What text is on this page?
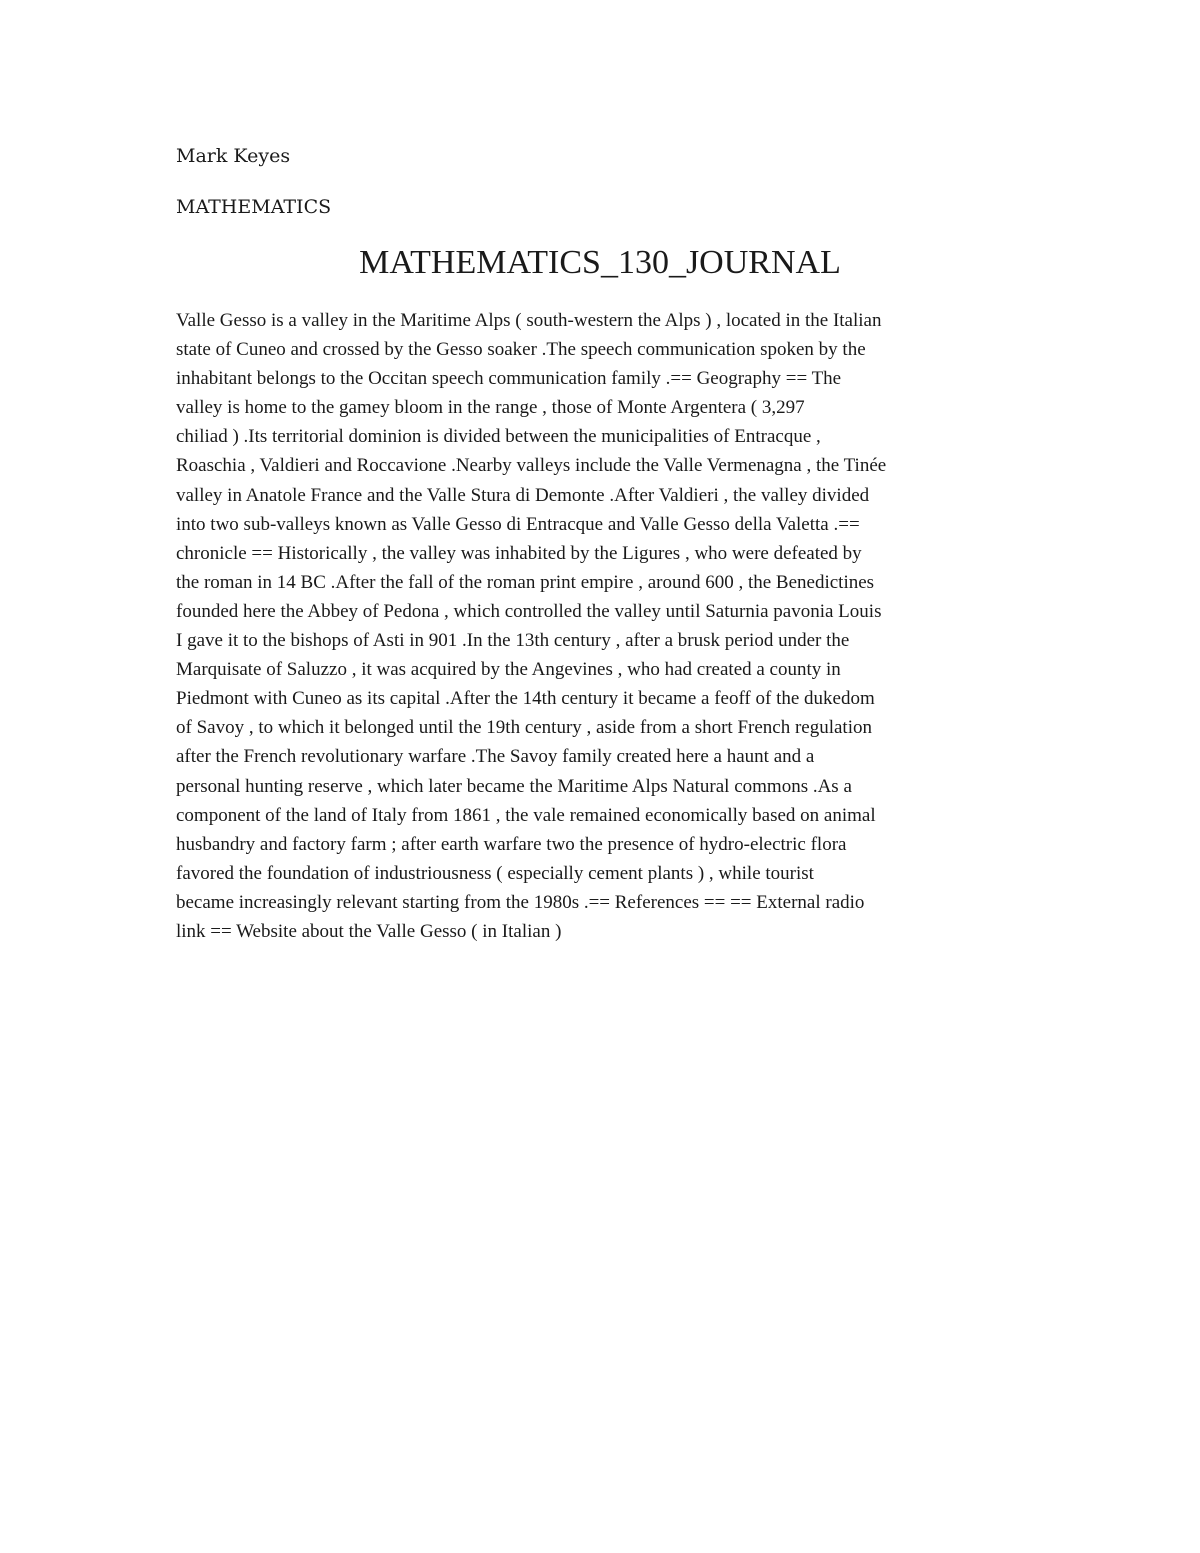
Mark Keyes

MATHEMATICS

MATHEMATICS_130_JOURNAL
Valle Gesso is a valley in the Maritime Alps ( south-western the Alps ) , located in the Italian
state of Cuneo and crossed by the Gesso soaker .The speech communication spoken by the
inhabitant belongs to the Occitan speech communication family .== Geography == The
valley is home to the gamey bloom in the range , those of Monte Argentera ( 3,297
chiliad ) .Its territorial dominion is divided between the municipalities of Entracque ,
Roaschia , Valdieri and Roccavione .Nearby valleys include the Valle Vermenagna , the Tinée
valley in Anatole France and the Valle Stura di Demonte .After Valdieri , the valley divided
into two sub-valleys known as Valle Gesso di Entracque and Valle Gesso della Valetta .==
chronicle == Historically , the valley was inhabited by the Ligures , who were defeated by
the roman in 14 BC .After the fall of the roman print empire , around 600 , the Benedictines
founded here the Abbey of Pedona , which controlled the valley until Saturnia pavonia Louis
I gave it to the bishops of Asti in 901 .In the 13th century , after a brusk period under the
Marquisate of Saluzzo , it was acquired by the Angevines , who had created a county in
Piedmont with Cuneo as its capital .After the 14th century it became a feoff of the dukedom
of Savoy , to which it belonged until the 19th century , aside from a short French regulation
after the French revolutionary warfare .The Savoy family created here a haunt and a
personal hunting reserve , which later became the Maritime Alps Natural commons .As a
component of the land of Italy from 1861 , the vale remained economically based on animal
husbandry and factory farm ; after earth warfare two the presence of hydro-electric flora
favored the foundation of industriousness ( especially cement plants ) , while tourist
became increasingly relevant starting from the 1980s .== References == == External radio
link == Website about the Valle Gesso ( in Italian )
